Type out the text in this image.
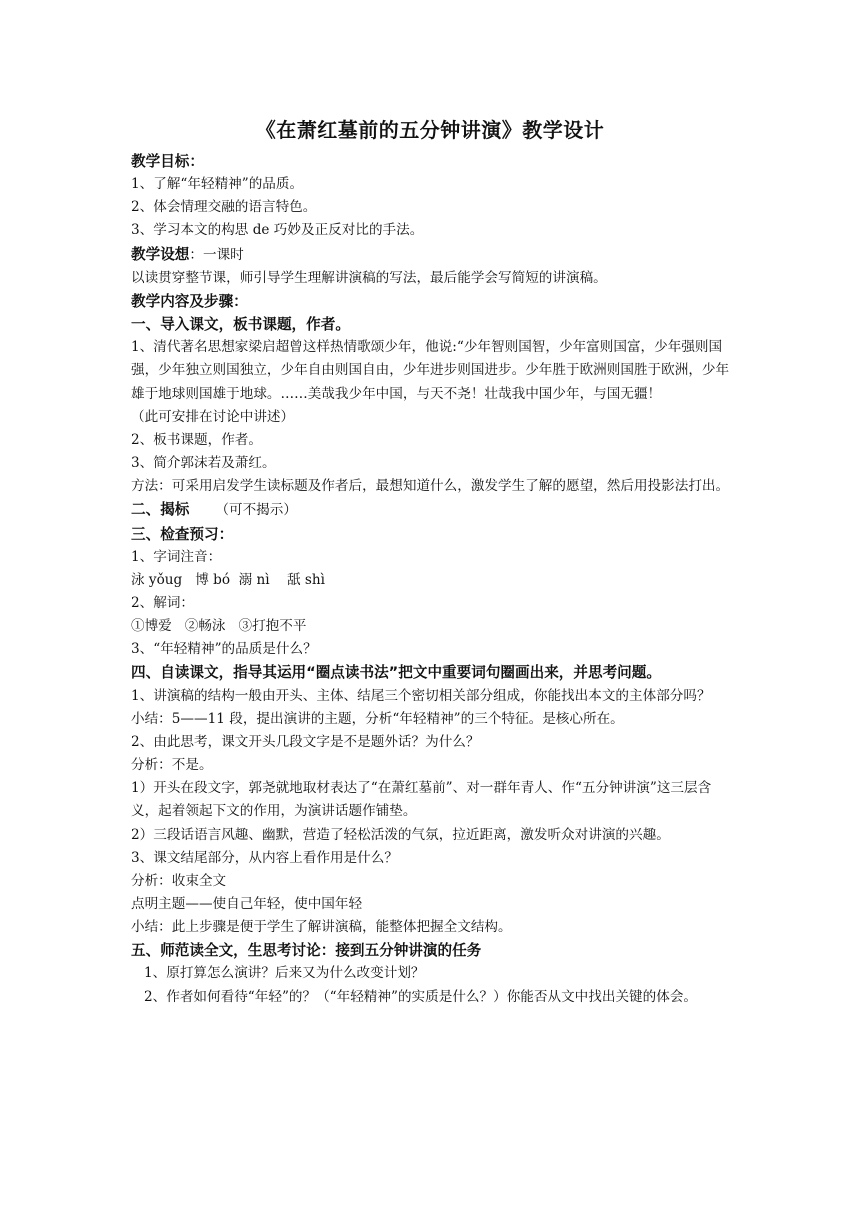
《在萧红墓前的五分钟讲演》教学设计
教学目标：
1、了解“年轻精神”的品质。
2、体会情理交融的语言特色。
3、学习本文的构思 de 巧妙及正反对比的手法。
教学设想：一课时
以读贯穿整节课，师引导学生理解讲演稿的写法，最后能学会写简短的讲演稿。
教学内容及步骤：
一、导入课文，板书课题，作者。
1、清代著名思想家梁启超曾这样热情歌颂少年，他说:“少年智则国智，少年富则国富，少年强则国强，少年独立则国独立，少年自由则国自由，少年进步则国进步。少年胜于欧洲则国胜于欧洲，少年雄于地球则国雄于地球。……美哉我少年中国，与天不尧！壮哉我中国少年，与国无疆！
（此可安排在讨论中讲述）
2、板书课题，作者。
3、简介郭沫若及萧红。
方法：可采用启发学生读标题及作者后，最想知道什么，激发学生了解的愿望，然后用投影法打出。
二、揭标 （可不揭示）
三、检查预习：
1、字词注音：
泳 yǒug   博 bó  溺 nì    舐 shì
2、解词：
①博爱   ②畅泳   ③打抱不平
3、“年轻精神”的品质是什么？
四、自读课文，指导其运用“圈点读书法”把文中重要词句圈画出来，并思考问题。
1、讲演稿的结构一般由开头、主体、结尾三个密切相关部分组成，你能找出本文的主体部分吗？
小结：5——11 段，提出演讲的主题，分析“年轻精神”的三个特征。是核心所在。
2、由此思考，课文开头几段文字是不是题外话？为什么？
分析：不是。
1）开头在段文字，郭尧就地取材表达了“在萧红墓前”、对一群年青人、作“五分钟讲演”这三层含义，起着领起下文的作用，为演讲话题作铺垫。
2）三段话语言风趣、幽默，营造了轻松活泼的气氛，拉近距离，激发听众对讲演的兴趣。
3、课文结尾部分，从内容上看作用是什么？
分析：收束全文
点明主题——使自己年轻，使中国年轻
小结：此上步骤是便于学生了解讲演稿，能整体把握全文结构。
五、师范读全文，生思考讨论：接到五分钟讲演的任务
1、原打算怎么演讲？后来又为什么改变计划？
2、作者如何看待“年轻”的？（“年轻精神”的实质是什么？）你能否从文中找出关键的体会。
